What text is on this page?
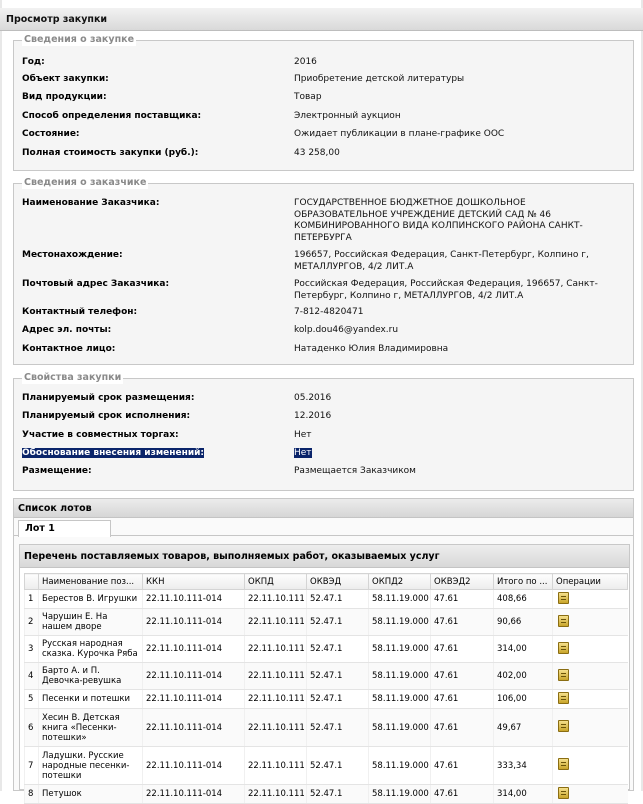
Просмотр закупки
Сведения о закупке
Год:	2016
Объект закупки:	Приобретение детской литературы
Вид продукции:	Товар
Способ определения поставщика:	Электронный аукцион
Состояние:	Ожидает публикации в плане-графике ООС
Полная стоимость закупки (руб.):	43 258,00
Сведения о заказчике
Наименование Заказчика:	ГОСУДАРСТВЕННОЕ БЮДЖЕТНОЕ ДОШКОЛЬНОЕ ОБРАЗОВАТЕЛЬНОЕ УЧРЕЖДЕНИЕ ДЕТСКИЙ САД № 46 КОМБИНИРОВАННОГО ВИДА КОЛПИНСКОГО РАЙОНА САНКТ-ПЕТЕРБУРГА
Местонахождение:	196657, Российская Федерация, Санкт-Петербург, Колпино г, МЕТАЛЛУРГОВ, 4/2 ЛИТ.А
Почтовый адрес Заказчика:	Российская Федерация, Российская Федерация, 196657, Санкт-Петербург, Колпино г, МЕТАЛЛУРГОВ, 4/2 ЛИТ.А
Контактный телефон:	7-812-4820471
Адрес эл. почты:	kolp.dou46@yandex.ru
Контактное лицо:	Натаденко Юлия Владимировна
Свойства закупки
Планируемый срок размещения:	05.2016
Планируемый срок исполнения:	12.2016
Участие в совместных торгах:	Нет
Обоснование внесения изменений:	Нет
Размещение:	Размещается Заказчиком
Список лотов
Лот 1
Перечень поставляемых товаров, выполняемых работ, оказываемых услуг
	Наименование поз...	ККН	ОКПД	ОКВЭД	ОКПД2	ОКВЭД2	Итого по ...	Операции
1	Берестов В. Игрушки	22.11.10.111-014	22.11.10.111	52.47.1	58.11.19.000	47.61	408,66	
2	Чарушин Е. На нашем дворе	22.11.10.111-014	22.11.10.111	52.47.1	58.11.19.000	47.61	90,66	
3	Русская народная сказка. Курочка Ряба	22.11.10.111-014	22.11.10.111	52.47.1	58.11.19.000	47.61	314,00	
4	Барто А. и П. Девочка-ревушка	22.11.10.111-014	22.11.10.111	52.47.1	58.11.19.000	47.61	402,00	
5	Песенки и потешки	22.11.10.111-014	22.11.10.111	52.47.1	58.11.19.000	47.61	106,00	
6	Хесин В. Детская книга «Песенки-потешки»	22.11.10.111-014	22.11.10.111	52.47.1	58.11.19.000	47.61	49,67	
7	Ладушки. Русские народные песенки-потешки	22.11.10.111-014	22.11.10.111	52.47.1	58.11.19.000	47.61	333,34	
8	Петушок	22.11.10.111-014	22.11.10.111	52.47.1	58.11.19.000	47.61	314,00	
